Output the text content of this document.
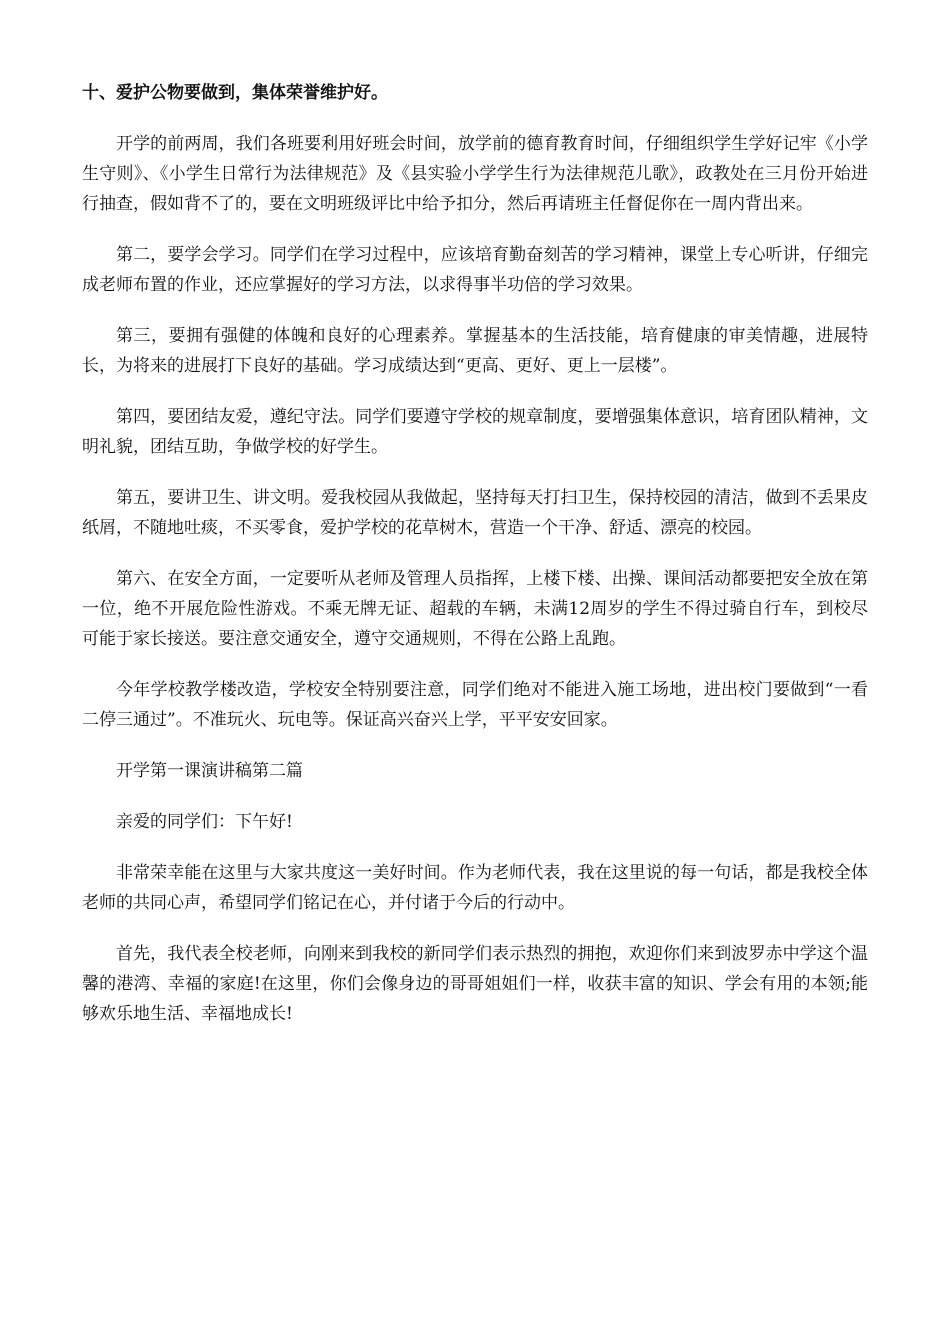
十、爱护公物要做到，集体荣誉维护好。

开学的前两周，我们各班要利用好班会时间，放学前的德育教育时间，仔细组织学生学好记牢《小学生守则》、《小学生日常行为法律规范》及《县实验小学学生行为法律规范儿歌》，政教处在三月份开始进行抽查，假如背不了的，要在文明班级评比中给予扣分，然后再请班主任督促你在一周内背出来。

第二，要学会学习。同学们在学习过程中，应该培育勤奋刻苦的学习精神，课堂上专心听讲，仔细完成老师布置的作业，还应掌握好的学习方法，以求得事半功倍的学习效果。

第三，要拥有强健的体魄和良好的心理素养。掌握基本的生活技能，培育健康的审美情趣，进展特长，为将来的进展打下良好的基础。学习成绩达到“更高、更好、更上一层楼”。

第四，要团结友爱，遵纪守法。同学们要遵守学校的规章制度，要增强集体意识，培育团队精神，文明礼貌，团结互助，争做学校的好学生。

第五，要讲卫生、讲文明。爱我校园从我做起，坚持每天打扫卫生，保持校园的清洁，做到不丢果皮纸屑，不随地吐痰，不买零食，爱护学校的花草树木，营造一个干净、舒适、漂亮的校园。

第六、在安全方面，一定要听从老师及管理人员指挥，上楼下楼、出操、课间活动都要把安全放在第一位，绝不开展危险性游戏。不乘无牌无证、超载的车辆，未满12周岁的学生不得过骑自行车，到校尽可能于家长接送。要注意交通安全，遵守交通规则，不得在公路上乱跑。

今年学校教学楼改造，学校安全特别要注意，同学们绝对不能进入施工场地，进出校门要做到“一看二停三通过”。不准玩火、玩电等。保证高兴奋兴上学，平平安安回家。

开学第一课演讲稿第二篇

亲爱的同学们：下午好!

非常荣幸能在这里与大家共度这一美好时间。作为老师代表，我在这里说的每一句话，都是我校全体老师的共同心声，希望同学们铭记在心，并付诸于今后的行动中。

首先，我代表全校老师，向刚来到我校的新同学们表示热烈的拥抱，欢迎你们来到波罗赤中学这个温馨的港湾、幸福的家庭!在这里，你们会像身边的哥哥姐姐们一样，收获丰富的知识、学会有用的本领;能够欢乐地生活、幸福地成长!
